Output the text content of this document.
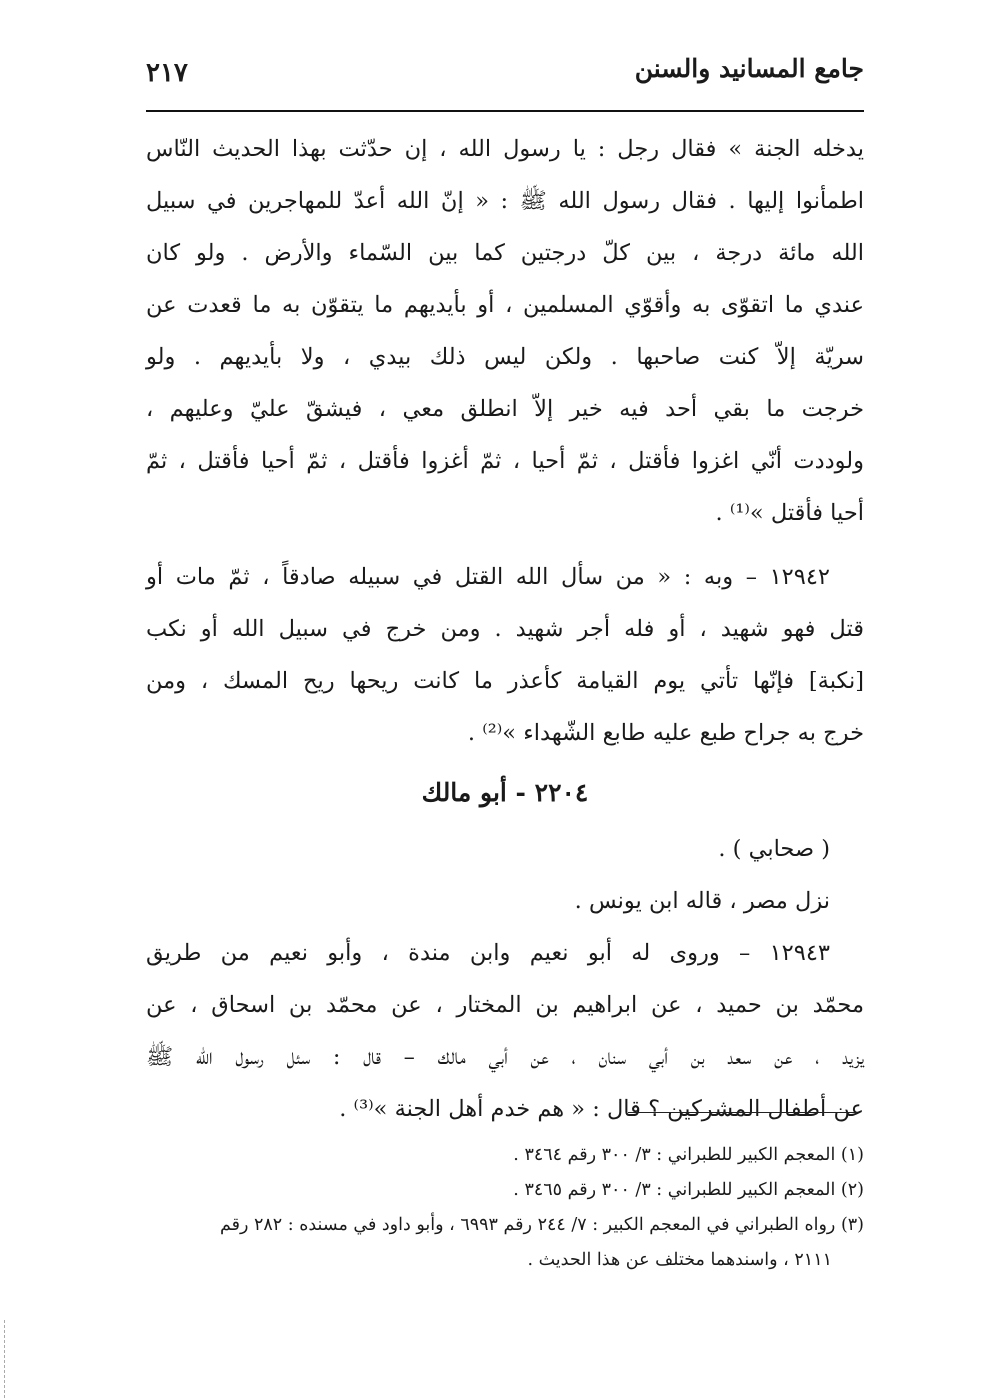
جامع المسانيد والسنن
٢١٧
يدخله الجنة » فقال رجل : يا رسول الله ، إن حدّثت بهذا الحديث النّاس
اطمأنوا إليها . فقال رسول الله ﷺ : « إنّ الله أعدّ للمهاجرين في سبيل
الله مائة درجة ، بين كلّ درجتين كما بين السّماء والأرض . ولو كان
عندي ما اتقوّى به وأقوّي المسلمين ، أو بأيديهم ما يتقوّن به ما قعدت عن
سريّة إلاّ كنت صاحبها . ولكن ليس ذلك بيدي ، ولا بأيديهم . ولو
خرجت ما بقي أحد فيه خير إلاّ انطلق معي ، فيشقّ عليّ وعليهم ،
ولوددت أنّي اغزوا فأقتل ، ثمّ أحيا ، ثمّ أغزوا فأقتل ، ثمّ أحيا فأقتل ، ثمّ
أحيا فأقتل »⁽¹⁾ .
١٢٩٤٢ – وبه : « من سأل الله القتل في سبيله صادقاً ، ثمّ مات أو
قتل فهو شهيد ، أو فله أجر شهيد . ومن خرج في سبيل الله أو نكب
[نكبة] فإنّها تأتي يوم القيامة كأعذر ما كانت ريحها ريح المسك ، ومن
خرج به جراح طبع عليه طابع الشّهداء »⁽²⁾ .
٢٢٠٤ - أبو مالك
( صحابي ) .
نزل مصر ، قاله ابن يونس .
١٢٩٤٣ – وروى له أبو نعيم وابن مندة ، وأبو نعيم من طريق
محمّد بن حميد ، عن ابراهيم بن المختار ، عن محمّد بن اسحاق ، عن
يزيد ، عن سعد بن أبي سنان ، عن أبي مالك – قال : سئل رسول الله ﷺ
عن أطفال المشركين ؟ قال : « هم خدم أهل الجنة »⁽³⁾ .
(١) المعجم الكبير للطبراني : ٣/ ٣٠٠ رقم ٣٤٦٤ .
(٢) المعجم الكبير للطبراني : ٣/ ٣٠٠ رقم ٣٤٦٥ .
(٣) رواه الطبراني في المعجم الكبير : ٧/ ٢٤٤ رقم ٦٩٩٣ ، وأبو داود في مسنده : ٢٨٢ رقم
٢١١١ ، واسندهما مختلف عن هذا الحديث .
